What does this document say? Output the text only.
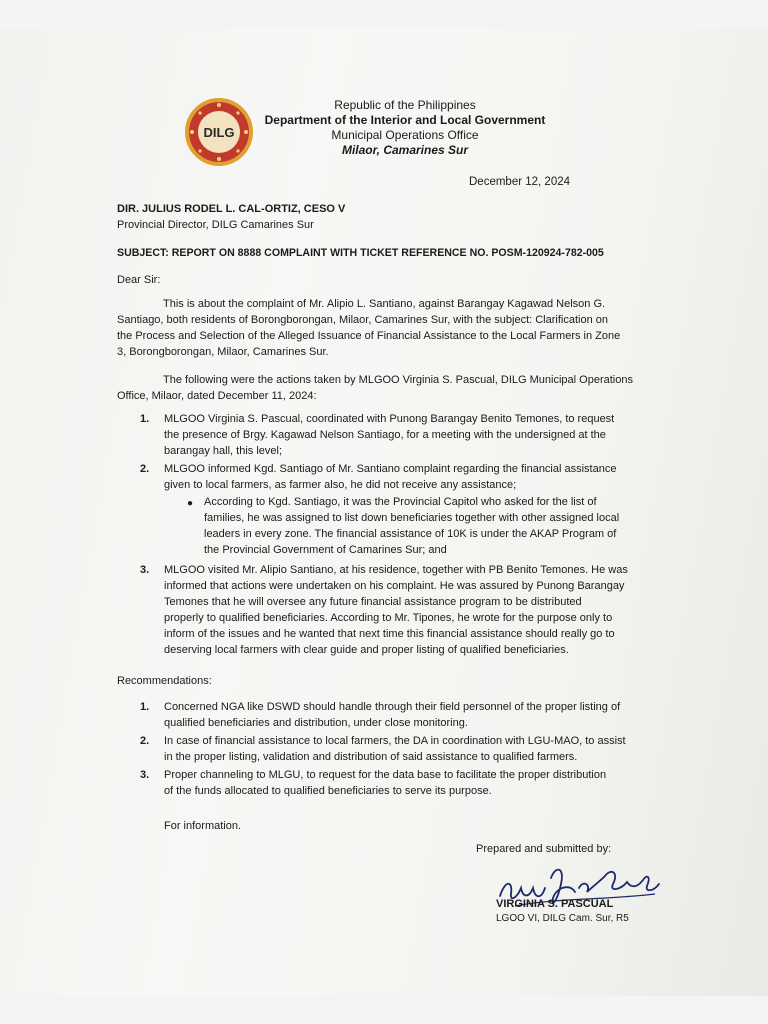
DILG
Republic of the Philippines
Department of the Interior and Local Government
Municipal Operations Office
Milaor, Camarines Sur
December 12, 2024
DIR. JULIUS RODEL L. CAL-ORTIZ, CESO V
Provincial Director, DILG Camarines Sur
SUBJECT: REPORT ON 8888 COMPLAINT WITH TICKET REFERENCE NO. POSM-120924-782-005
Dear Sir:
This is about the complaint of Mr. Alipio L. Santiano, against Barangay Kagawad Nelson G.
Santiago, both residents of Borongborongan, Milaor, Camarines Sur, with the subject: Clarification on
the Process and Selection of the Alleged Issuance of Financial Assistance to the Local Farmers in Zone
3, Borongborongan, Milaor, Camarines Sur.
The following were the actions taken by MLGOO Virginia S. Pascual, DILG Municipal Operations
Office, Milaor, dated December 11, 2024:
1. MLGOO Virginia S. Pascual, coordinated with Punong Barangay Benito Temones, to request
the presence of Brgy. Kagawad Nelson Santiago, for a meeting with the undersigned at the
barangay hall, this level;
2. MLGOO informed Kgd. Santiago of Mr. Santiano complaint regarding the financial assistance
given to local farmers, as farmer also, he did not receive any assistance;
● According to Kgd. Santiago, it was the Provincial Capitol who asked for the list of
families, he was assigned to list down beneficiaries together with other assigned local
leaders in every zone. The financial assistance of 10K is under the AKAP Program of
the Provincial Government of Camarines Sur; and
3. MLGOO visited Mr. Alipio Santiano, at his residence, together with PB Benito Temones. He was
informed that actions were undertaken on his complaint. He was assured by Punong Barangay
Temones that he will oversee any future financial assistance program to be distributed
properly to qualified beneficiaries. According to Mr. Tipones, he wrote for the purpose only to
inform of the issues and he wanted that next time this financial assistance should really go to
deserving local farmers with clear guide and proper listing of qualified beneficiaries.
Recommendations:
1. Concerned NGA like DSWD should handle through their field personnel of the proper listing of
qualified beneficiaries and distribution, under close monitoring.
2. In case of financial assistance to local farmers, the DA in coordination with LGU-MAO, to assist
in the proper listing, validation and distribution of said assistance to qualified farmers.
3. Proper channeling to MLGU, to request for the data base to facilitate the proper distribution
of the funds allocated to qualified beneficiaries to serve its purpose.
For information.
Prepared and submitted by:
VIRGINIA S. PASCUAL
LGOO VI, DILG Cam. Sur, R5
